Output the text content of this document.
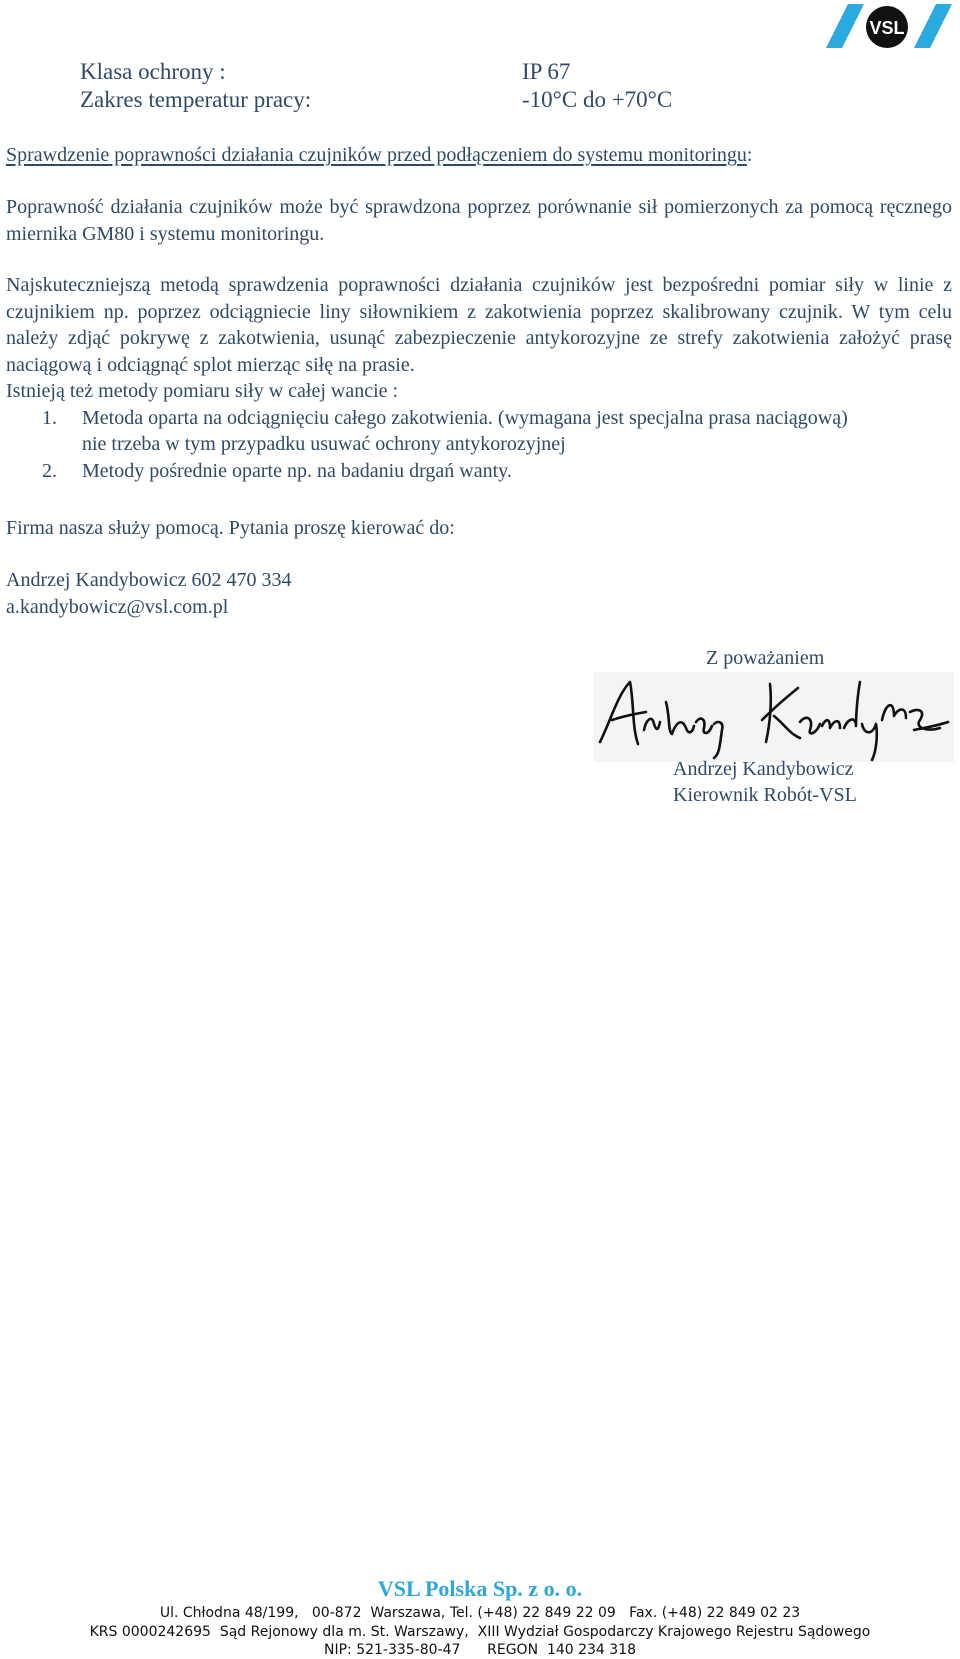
VSL
Klasa ochrony :	IP 67
Zakres temperatur pracy:	-10°C do +70°C
Sprawdzenie poprawności działania czujników przed podłączeniem do systemu monitoringu:
Poprawność działania czujników może być sprawdzona poprzez porównanie sił pomierzonych za pomocą ręcznego miernika GM80 i systemu monitoringu.
Najskuteczniejszą metodą sprawdzenia poprawności działania czujników jest bezpośredni pomiar siły w linie z czujnikiem np. poprzez odciągniecie liny siłownikiem z zakotwienia poprzez skalibrowany czujnik. W tym celu należy zdjąć pokrywę z zakotwienia, usunąć zabezpieczenie antykorozyjne ze strefy zakotwienia założyć prasę naciągową i odciągnąć splot mierząc siłę na prasie.
Istnieją też metody pomiaru siły w całej wancie :
1. Metoda oparta na odciągnięciu całego zakotwienia. (wymagana jest specjalna prasa naciągową) nie trzeba w tym przypadku usuwać ochrony antykorozyjnej
2. Metody pośrednie oparte np. na badaniu drgań wanty.
Firma nasza służy pomocą. Pytania proszę kierować do:
Andrzej Kandybowicz 602 470 334
a.kandybowicz@vsl.com.pl
Z poważaniem
Andrzej Kandybowicz
Kierownik Robót-VSL
VSL Polska Sp. z o. o.
Ul. Chłodna 48/199,   00-872  Warszawa, Tel. (+48) 22 849 22 09   Fax. (+48) 22 849 02 23
KRS 0000242695  Sąd Rejonowy dla m. St. Warszawy,  XIII Wydział Gospodarczy Krajowego Rejestru Sądowego
NIP: 521-335-80-47      REGON  140 234 318
